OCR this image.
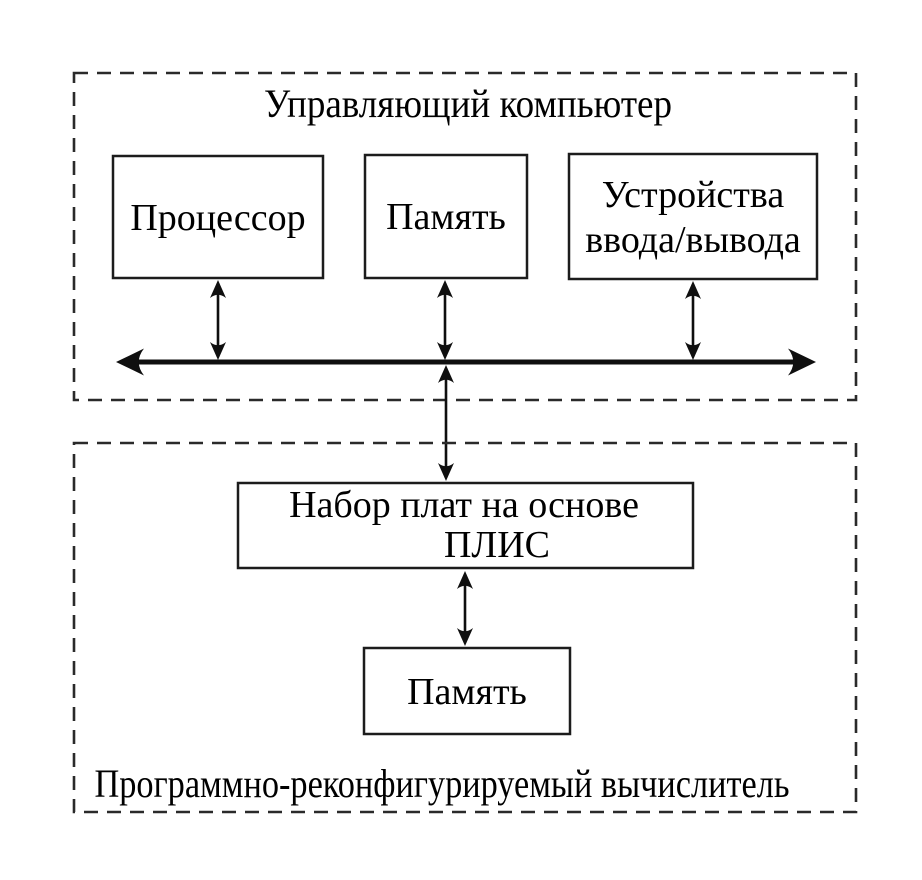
Управляющий компьютер
Процессор Память
Устройства
ввода/вывода
Набор плат на основе
ПЛИС
Память
Программно-реконфигурируемый вычислитель
